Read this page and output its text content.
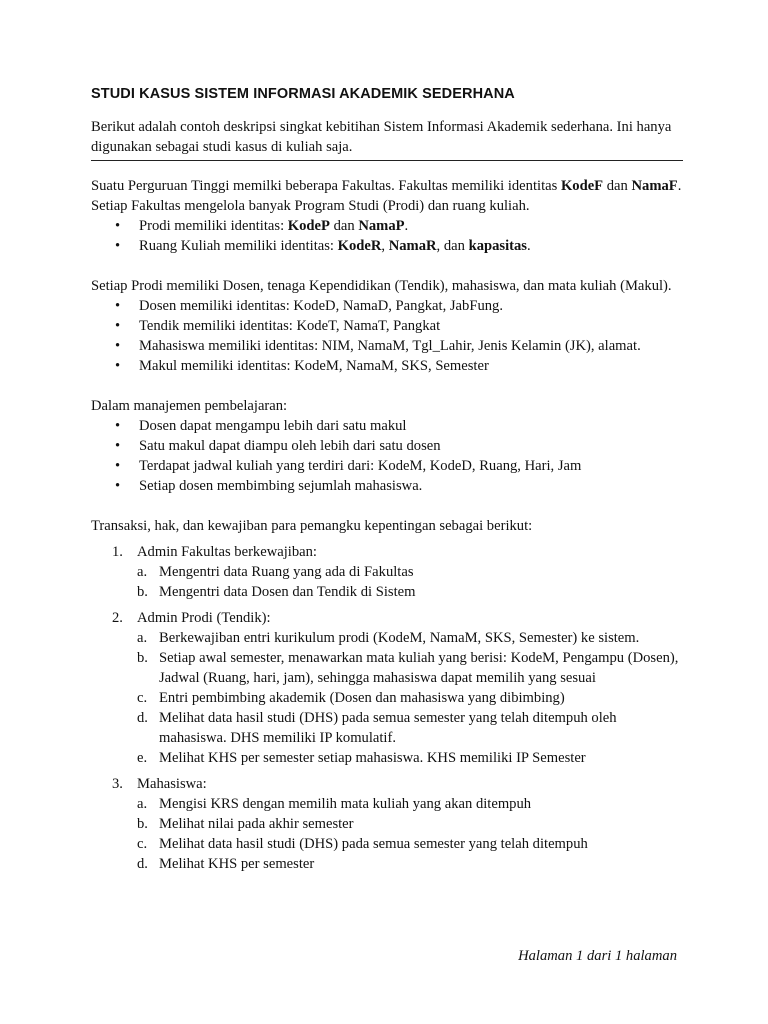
STUDI KASUS SISTEM INFORMASI AKADEMIK SEDERHANA

Berikut adalah contoh deskripsi singkat kebitihan Sistem Informasi Akademik sederhana. Ini hanya digunakan sebagai studi kasus di kuliah saja.

Suatu Perguruan Tinggi memilki beberapa Fakultas. Fakultas memiliki identitas KodeF dan NamaF.

Setiap Fakultas mengelola banyak Program Studi (Prodi) dan ruang kuliah.

• Prodi memiliki identitas: KodeP dan NamaP.
• Ruang Kuliah memiliki identitas: KodeR, NamaR, dan kapasitas.

Setiap Prodi memiliki Dosen, tenaga Kependidikan (Tendik), mahasiswa, dan mata kuliah (Makul).

• Dosen memiliki identitas: KodeD, NamaD, Pangkat, JabFung.
• Tendik memiliki identitas: KodeT, NamaT, Pangkat
• Mahasiswa memiliki identitas: NIM, NamaM, Tgl_Lahir, Jenis Kelamin (JK), alamat.
• Makul memiliki identitas: KodeM, NamaM, SKS, Semester

Dalam manajemen pembelajaran:

• Dosen dapat mengampu lebih dari satu makul
• Satu makul dapat diampu oleh lebih dari satu dosen
• Terdapat jadwal kuliah yang terdiri dari: KodeM, KodeD, Ruang, Hari, Jam
• Setiap dosen membimbing sejumlah mahasiswa.

Transaksi, hak, dan kewajiban para pemangku kepentingan sebagai berikut:

1. Admin Fakultas berkewajiban:
a. Mengentri data Ruang yang ada di Fakultas
b. Mengentri data Dosen dan Tendik di Sistem
2. Admin Prodi (Tendik):
a. Berkewajiban entri kurikulum prodi (KodeM, NamaM, SKS, Semester) ke sistem.
b. Setiap awal semester, menawarkan mata kuliah yang berisi: KodeM, Pengampu (Dosen), Jadwal (Ruang, hari, jam), sehingga mahasiswa dapat memilih yang sesuai
c. Entri pembimbing akademik (Dosen dan mahasiswa yang dibimbing)
d. Melihat data hasil studi (DHS) pada semua semester yang telah ditempuh oleh mahasiswa. DHS memiliki IP komulatif.
e. Melihat KHS per semester setiap mahasiswa. KHS memiliki IP Semester
3. Mahasiswa:
a. Mengisi KRS dengan memilih mata kuliah yang akan ditempuh
b. Melihat nilai pada akhir semester
c. Melihat data hasil studi (DHS) pada semua semester yang telah ditempuh
d. Melihat KHS per semester
Halaman 1 dari 1 halaman
